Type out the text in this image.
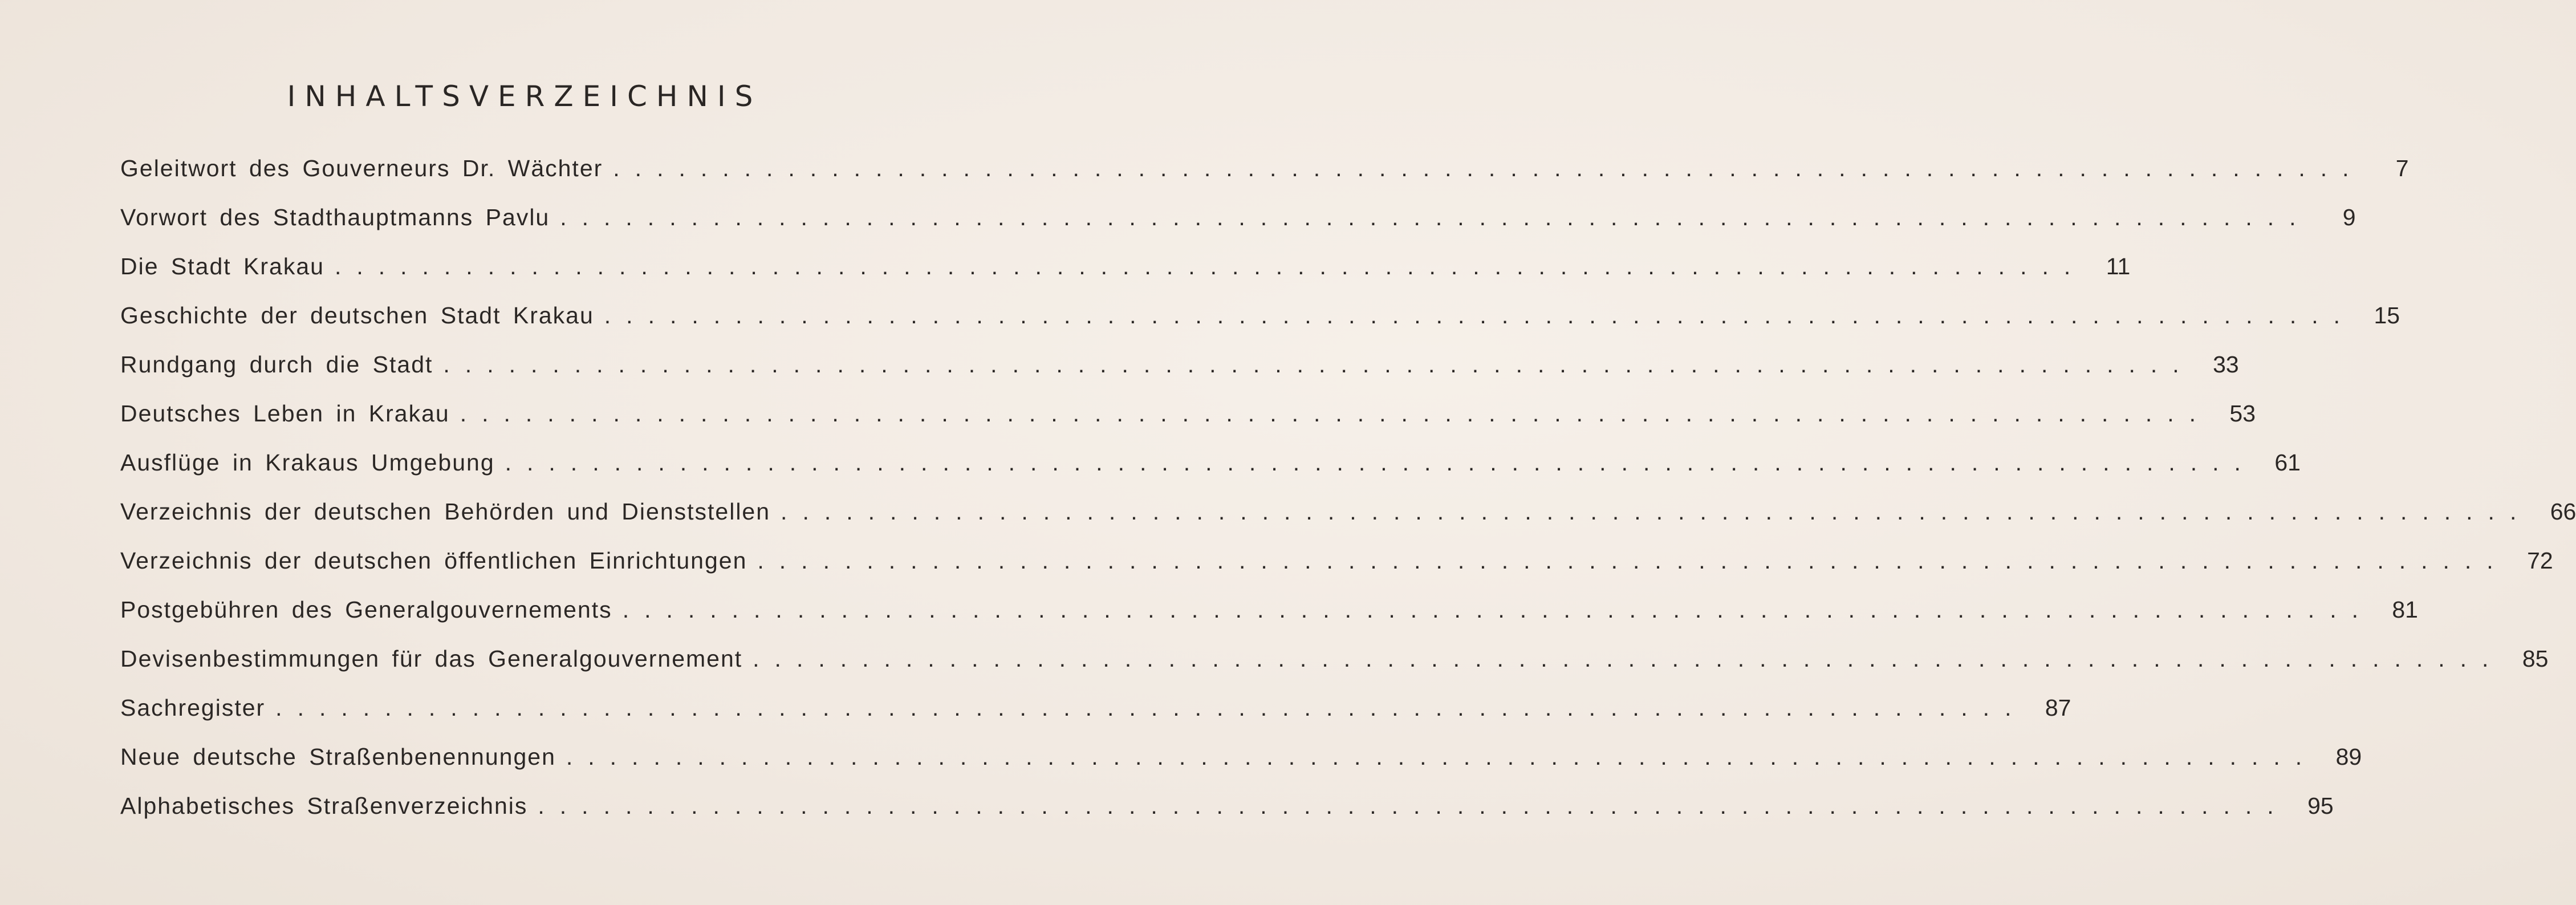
INHALTSVERZEICHNIS
Geleitwort des Gouverneurs Dr. Wächter ................................................................................	7
Vorwort des Stadthauptmanns Pavlu ................................................................................	9
Die Stadt Krakau ................................................................................ 11
Geschichte der deutschen Stadt Krakau ................................................................................ 15
Rundgang durch die Stadt ................................................................................ 33
Deutsches Leben in Krakau ................................................................................ 53
Ausflüge in Krakaus Umgebung ................................................................................ 61
Verzeichnis der deutschen Behörden und Dienststellen ................................................................................ 66
Verzeichnis der deutschen öffentlichen Einrichtungen ................................................................................ 72
Postgebühren des Generalgouvernements ................................................................................ 81
Devisenbestimmungen für das Generalgouvernement ................................................................................ 85
Sachregister ................................................................................ 87
Neue deutsche Straßenbenennungen ................................................................................ 89
Alphabetisches Straßenverzeichnis ................................................................................ 95
